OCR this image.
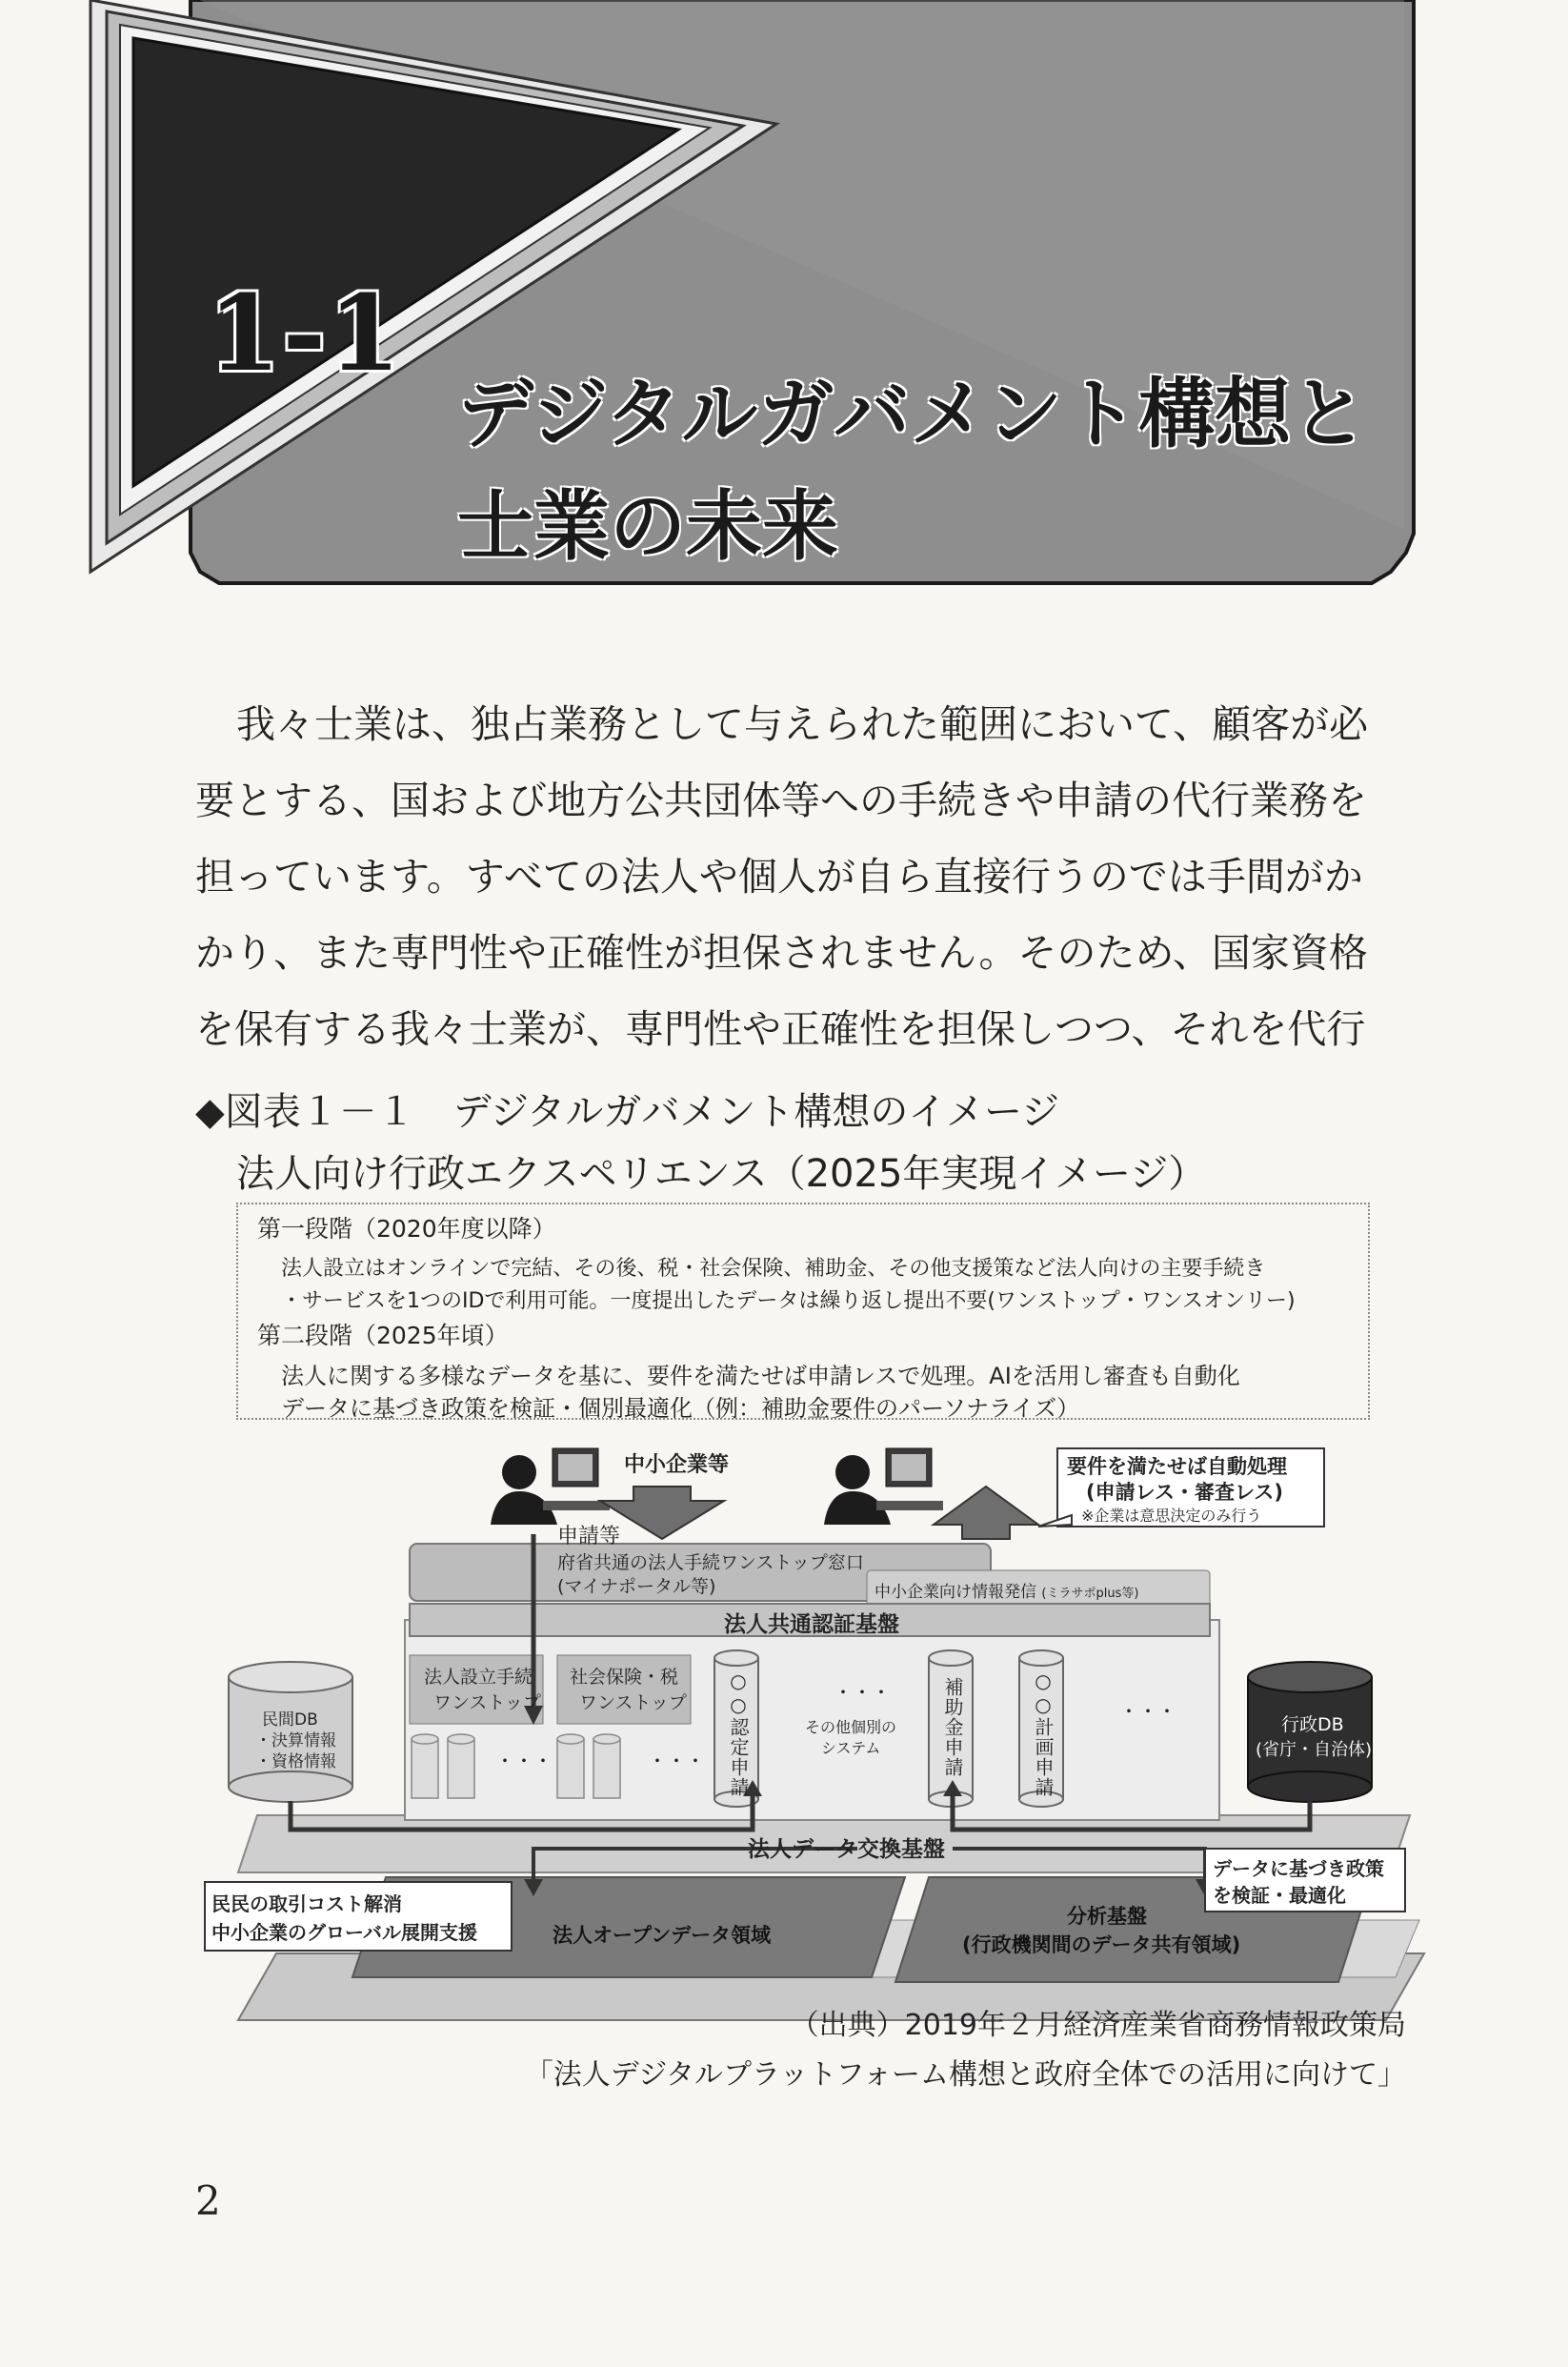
1-1
デジタルガバメント構想と
士業の未来
我々士業は、独占業務として与えられた範囲において、顧客が必
要とする、国および地方公共団体等への手続きや申請の代行業務を
担っています。すべての法人や個人が自ら直接行うのでは手間がか
かり、また専門性や正確性が担保されません。そのため、国家資格
を保有する我々士業が、専門性や正確性を担保しつつ、それを代行
◆図表１－１　デジタルガバメント構想のイメージ
法人向け行政エクスペリエンス（2025年実現イメージ）
第一段階（2020年度以降）
法人設立はオンラインで完結、その後、税・社会保険、補助金、その他支援策など法人向けの主要手続き
・サービスを1つのIDで利用可能。一度提出したデータは繰り返し提出不要(ワンストップ・ワンスオンリー)
第二段階（2025年頃）
法人に関する多様なデータを基に、要件を満たせば申請レスで処理。AIを活用し審査も自動化
データに基づき政策を検証・個別最適化（例：補助金要件のパーソナライズ）
中小企業等
申請等
要件を満たせば自動処理
(申請レス・審査レス)
※企業は意思決定のみ行う
府省共通の法人手続ワンストップ窓口
(マイナポータル等)	中小企業向け情報発信 (ミラサポplus等)
法人共通認証基盤
法人設立手続
ワンストップ
社会保険・税
ワンストップ
・・・	・・・ ○○認定申請	・・・
その他個別の
システム	補助金申請	○○計画申請	・・・
民間DB
・決算情報
・資格情報
行政DB
(省庁・自治体)
法人データ交換基盤
データに基づき政策
を検証・最適化
民民の取引コスト解消
中小企業のグローバル展開支援	法人オープンデータ領域
分析基盤
(行政機関間のデータ共有領域)
（出典）2019年２月経済産業省商務情報政策局
「法人デジタルプラットフォーム構想と政府全体での活用に向けて」
2
